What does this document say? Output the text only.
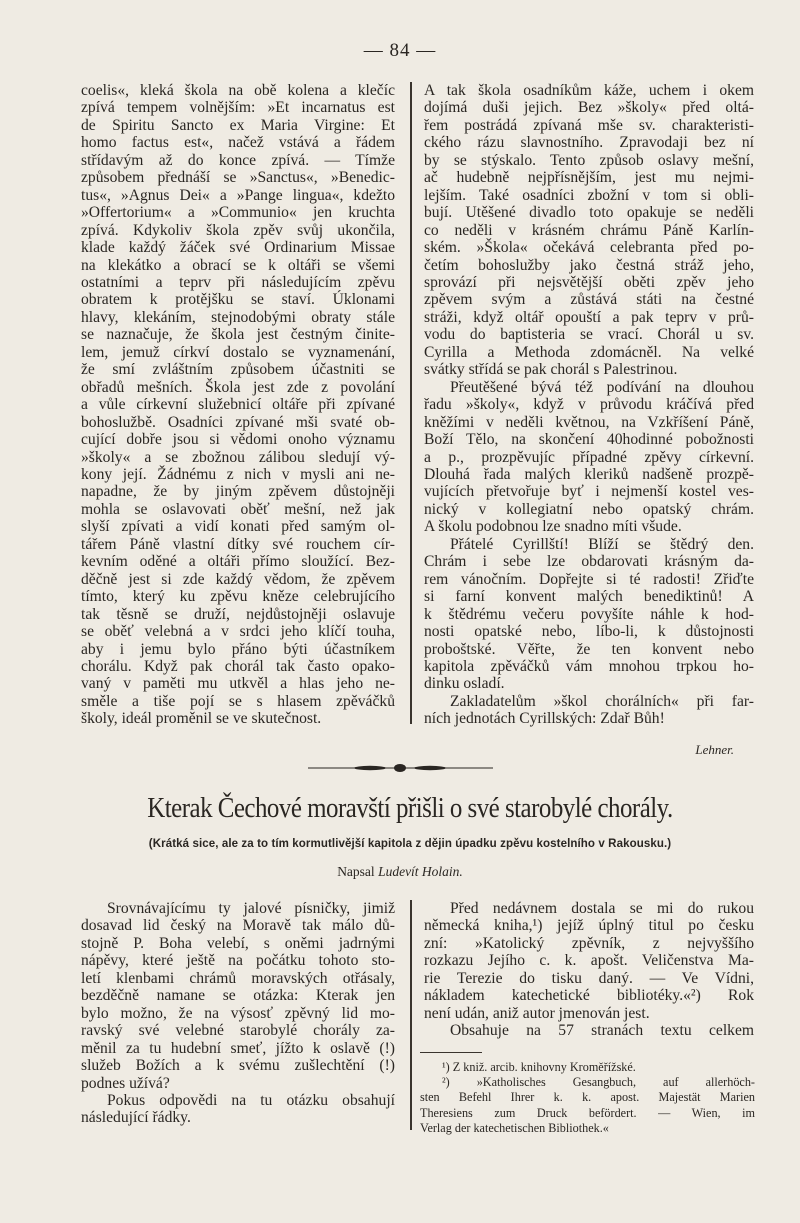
— 84 —
coelis«, kleká škola na obě kolena a klečíc
zpívá tempem volnějším: »Et incarnatus est
de Spiritu Sancto ex Maria Virgine: Et
homo factus est«, načež vstává a řádem
střídavým až do konce zpívá. — Tímže
způsobem přednáší se »Sanctus«, »Benedic-
tus«, »Agnus Dei« a »Pange lingua«, kdežto
»Offertorium« a »Communio« jen kruchta
zpívá. Kdykoliv škola zpěv svůj ukončila,
klade každý žáček své Ordinarium Missae
na klekátko a obrací se k oltáři se všemi
ostatními a teprv při následujícím zpěvu
obratem k protějšku se staví. Úklonami
hlavy, klekáním, stejnodobými obraty stále
se naznačuje, že škola jest čestným činite-
lem, jemuž církví dostalo se vyznamenání,
že smí zvláštním způsobem účastniti se
obřadů mešních. Škola jest zde z povolání
a vůle církevní služebnicí oltáře při zpívané
bohoslužbě. Osadníci zpívané mši svaté ob-
cující dobře jsou si vědomi onoho významu
»školy« a se zbožnou zálibou sledují vý-
kony její. Žádnému z nich v mysli ani ne-
napadne, že by jiným zpěvem důstojněji
mohla se oslavovati oběť mešní, než jak
slyší zpívati a vidí konati před samým ol-
tářem Páně vlastní dítky své rouchem cír-
kevním oděné a oltáři přímo sloužící. Bez-
děčně jest si zde každý vědom, že zpěvem
tímto, který ku zpěvu kněze celebrujícího
tak těsně se druží, nejdůstojněji oslavuje
se oběť velebná a v srdci jeho klíčí touha,
aby i jemu bylo přáno býti účastníkem
chorálu. Když pak chorál tak často opako-
vaný v paměti mu utkvěl a hlas jeho ne-
směle a tiše pojí se s hlasem zpěváčků
školy, ideál proměnil se ve skutečnost.
A tak škola osadníkům káže, uchem i okem
dojímá duši jejich. Bez »školy« před oltá-
řem postrádá zpívaná mše sv. charakteristi-
ckého rázu slavnostního. Zpravodaji bez ní
by se stýskalo. Tento způsob oslavy mešní,
ač hudebně nejpřísnějším, jest mu nejmi-
lejším. Také osadníci zbožní v tom si obli-
bují. Utěšené divadlo toto opakuje se neděli
co neděli v krásném chrámu Páně Karlín-
ském. »Škola« očekává celebranta před po-
četím bohoslužby jako čestná stráž jeho,
sprovází při nejsvětější oběti zpěv jeho
zpěvem svým a zůstává státi na čestné
stráži, když oltář opouští a pak teprv v prů-
vodu do baptisteria se vrací. Chorál u sv.
Cyrilla a Methoda zdomácněl. Na velké
svátky střídá se pak chorál s Palestrinou.
Přeutěšené bývá též podívání na dlouhou
řadu »školy«, když v průvodu kráčívá před
kněžími v neděli květnou, na Vzkříšení Páně,
Boží Tělo, na skončení 40hodinné pobožnosti
a p., prozpěvujíc případné zpěvy církevní.
Dlouhá řada malých kleriků nadšeně prozpě-
vujících přetvořuje byť i nejmenší kostel ves-
nický v kollegiatní nebo opatský chrám.
A školu podobnou lze snadno míti všude.
Přátelé Cyrillští! Blíží se štědrý den.
Chrám i sebe lze obdarovati krásným da-
rem vánočním. Dopřejte si té radosti! Zřiďte
si farní konvent malých benediktinů! A
k štědrému večeru povyšíte náhle k hod-
nosti opatské nebo, líbo-li, k důstojnosti
proboštské. Věřte, že ten konvent nebo
kapitola zpěváčků vám mnohou trpkou ho-
dinku osladí.
Zakladatelům »škol chorálních« při far-
ních jednotách Cyrillských: Zdař Bůh!
Lehner.
Kterak Čechové moravští přišli o své starobylé chorály.
(Krátká sice, ale za to tím kormutlivější kapitola z dějin úpadku zpěvu kostelního v Rakousku.)
Napsal Ludevít Holain.
Srovnávajícímu ty jalové písničky, jimiž
dosavad lid český na Moravě tak málo dů-
stojně P. Boha velebí, s oněmi jadrnými
nápěvy, které ještě na počátku tohoto sto-
letí klenbami chrámů moravských otřásaly,
bezděčně namane se otázka: Kterak jen
bylo možno, že na výsosť zpěvný lid mo-
ravský své velebné starobylé chorály za-
měnil za tu hudební smeť, jížto k oslavě (!)
služeb Božích a k svému zušlechtění (!)
podnes užívá?
Pokus odpovědi na tu otázku obsahují
následující řádky.
Před nedávnem dostala se mi do rukou
německá kniha,¹) jejíž úplný titul po česku
zní: »Katolický zpěvník, z nejvyššího
rozkazu Jejího c. k. apošt. Veličenstva Ma-
rie Terezie do tisku daný. — Ve Vídni,
nákladem katechetické bibliotéky.«²) Rok
není udán, aniž autor jmenován jest.
Obsahuje na 57 stranách textu celkem
¹) Z kniž. arcib. knihovny Kroměřížské.
²) »Katholisches Gesangbuch, auf allerhöch-
sten Befehl Ihrer k. k. apost. Majestät Marien
Theresiens zum Druck befördert. — Wien, im
Verlag der katechetischen Bibliothek.«
